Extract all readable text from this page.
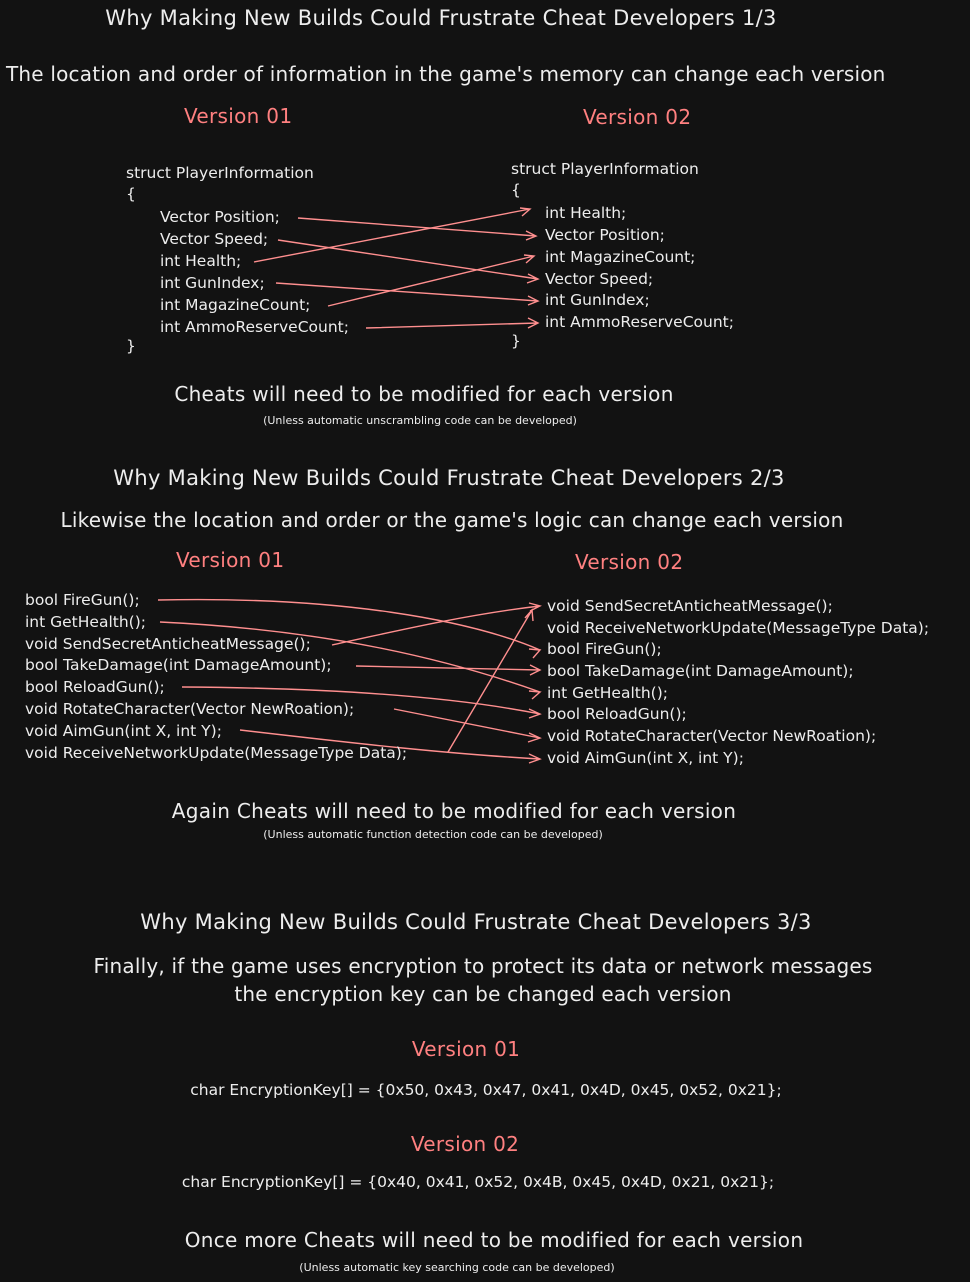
Why Making New Builds Could Frustrate Cheat Developers 1/3
The location and order of information in the game's memory can change each version
Version 01	Version 02
struct PlayerInformation
{
Vector Position;
Vector Speed;
int Health;
int GunIndex;
int MagazineCount;
int AmmoReserveCount;
}
struct PlayerInformation
{
int Health;
Vector Position;
int MagazineCount;
Vector Speed;
int GunIndex;
int AmmoReserveCount;
}
Cheats will need to be modified for each version
(Unless automatic unscrambling code can be developed)
Why Making New Builds Could Frustrate Cheat Developers 2/3
Likewise the location and order or the game's logic can change each version
Version 01	Version 02
bool FireGun();
int GetHealth();
void SendSecretAnticheatMessage();
bool TakeDamage(int DamageAmount);
bool ReloadGun();
void RotateCharacter(Vector NewRoation);
void AimGun(int X, int Y);
void ReceiveNetworkUpdate(MessageType Data);
void SendSecretAnticheatMessage();
void ReceiveNetworkUpdate(MessageType Data);
bool FireGun();
bool TakeDamage(int DamageAmount);
int GetHealth();
bool ReloadGun();
void RotateCharacter(Vector NewRoation);
void AimGun(int X, int Y);
Again Cheats will need to be modified for each version
(Unless automatic function detection code can be developed)
Why Making New Builds Could Frustrate Cheat Developers 3/3
Finally, if the game uses encryption to protect its data or network messages
the encryption key can be changed each version
Version 01
char EncryptionKey[] = {0x50, 0x43, 0x47, 0x41, 0x4D, 0x45, 0x52, 0x21};
Version 02
char EncryptionKey[] = {0x40, 0x41, 0x52, 0x4B, 0x45, 0x4D, 0x21, 0x21};
Once more Cheats will need to be modified for each version
(Unless automatic key searching code can be developed)
